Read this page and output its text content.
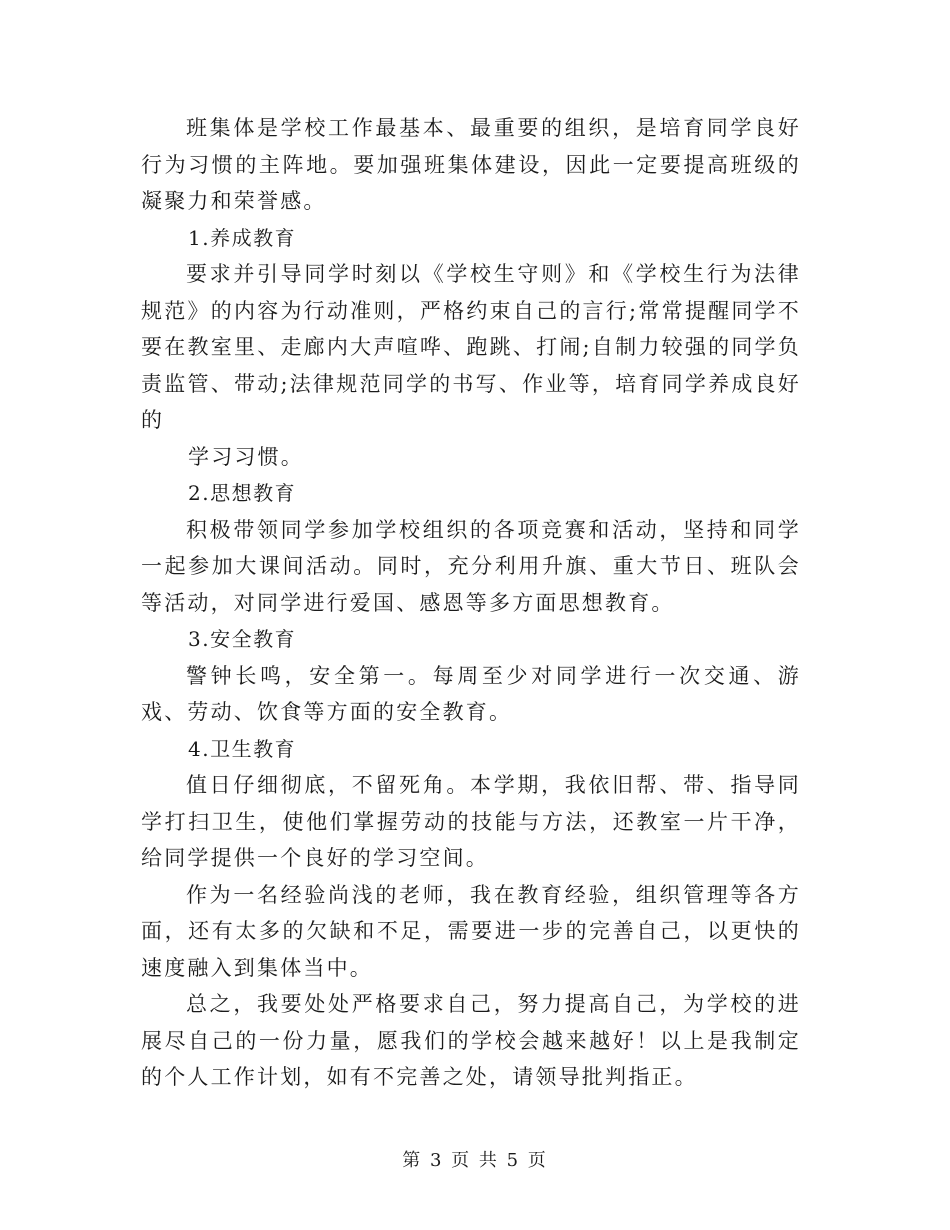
班集体是学校工作最基本、最重要的组织，是培育同学良好行为习惯的主阵地。要加强班集体建设，因此一定要提高班级的凝聚力和荣誉感。

1.养成教育

要求并引导同学时刻以《学校生守则》和《学校生行为法律规范》的内容为行动准则，严格约束自己的言行;常常提醒同学不要在教室里、走廊内大声喧哗、跑跳、打闹;自制力较强的同学负责监管、带动;法律规范同学的书写、作业等，培育同学养成良好的

学习习惯。

2.思想教育

积极带领同学参加学校组织的各项竞赛和活动，坚持和同学一起参加大课间活动。同时，充分利用升旗、重大节日、班队会等活动，对同学进行爱国、感恩等多方面思想教育。

3.安全教育

警钟长鸣，安全第一。每周至少对同学进行一次交通、游戏、劳动、饮食等方面的安全教育。

4.卫生教育

值日仔细彻底，不留死角。本学期，我依旧帮、带、指导同学打扫卫生，使他们掌握劳动的技能与方法，还教室一片干净，给同学提供一个良好的学习空间。

作为一名经验尚浅的老师，我在教育经验，组织管理等各方面，还有太多的欠缺和不足，需要进一步的完善自己，以更快的速度融入到集体当中。

总之，我要处处严格要求自己，努力提高自己，为学校的进展尽自己的一份力量，愿我们的学校会越来越好！以上是我制定的个人工作计划，如有不完善之处，请领导批判指正。

第 3 页 共 5 页
